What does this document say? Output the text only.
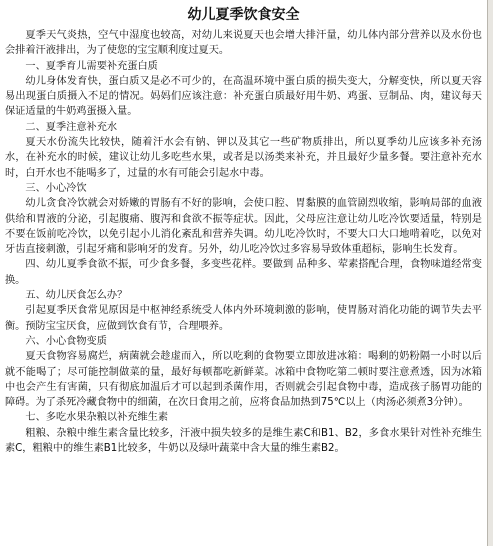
幼儿夏季饮食安全

夏季天气炎热，空气中湿度也较高，对幼儿来说夏天也会增大排汗量，幼儿体内部分营养以及水份也会排着汗液排出，为了使您的宝宝顺利度过夏天。

一、夏季育儿需要补充蛋白质

幼儿身体发育快，蛋白质又是必不可少的，在高温环境中蛋白质的损失变大，分解变快，所以夏天容易出现蛋白质摄入不足的情况。妈妈们应该注意：补充蛋白质最好用牛奶、鸡蛋、豆制品、肉，建议每天保证适量的牛奶鸡蛋摄入量。

二、夏季注意补充水

夏天水份流失比较快，随着汗水会有钠、钾以及其它一些矿物质排出，所以夏季幼儿应该多补充汤水，在补充水的时候，建议让幼儿多吃些水果，或者是以汤类来补充，并且最好少量多餐。要注意补充水时，白开水也不能喝多了，过量的水有可能会引起水中毒。

三、小心冷饮

幼儿贪食冷饮就会对娇嫩的胃肠有不好的影响，会使口腔、胃黏膜的血管剧烈收缩，影响局部的血液供给和胃液的分泌，引起腹痛、腹泻和食欲不振等症状。因此，父母应注意让幼儿吃冷饮要适量，特别是不要在饭前吃冷饮，以免引起小儿消化紊乱和营养失调。幼儿吃冷饮时，不要大口大口地啃着吃，以免对牙齿直接刺激，引起牙痛和影响牙的发育。另外，幼儿吃冷饮过多容易导致体重超标，影响生长发育。

四、幼儿夏季食欲不振，可少食多餐，多变些花样。要做到 品种多、荤素搭配合理，食物味道经常变换。

五、幼儿厌食怎么办？

引起夏季厌食常见原因是中枢神经系统受人体内外环境刺激的影响，使胃肠对消化功能的调节失去平衡。预防宝宝厌食，应做到饮食有节，合理喂养。

六、小心食物变质

夏天食物容易腐烂，病菌就会趁虚而入，所以吃剩的食物要立即放进冰箱：喝剩的奶粉隔一小时以后就不能喝了；尽可能控制做菜的量，最好每顿都吃新鲜菜。冰箱中食物吃第二顿时要注意煮透，因为冰箱中也会产生有害菌，只有彻底加温后才可以起到杀菌作用，否则就会引起食物中毒，造成孩子肠胃功能的障碍。为了杀死冷藏食物中的细菌，在次日食用之前，应将食品加热到75℃以上（肉汤必须煮3分钟）。

七、多吃水果杂粮以补充维生素

粗粮、杂粮中维生素含量比较多，汗液中损失较多的是维生素C和B1、B2，多食水果针对性补充维生素C，粗粮中的维生素B1比较多，牛奶以及绿叶蔬菜中含大量的维生素B2。
